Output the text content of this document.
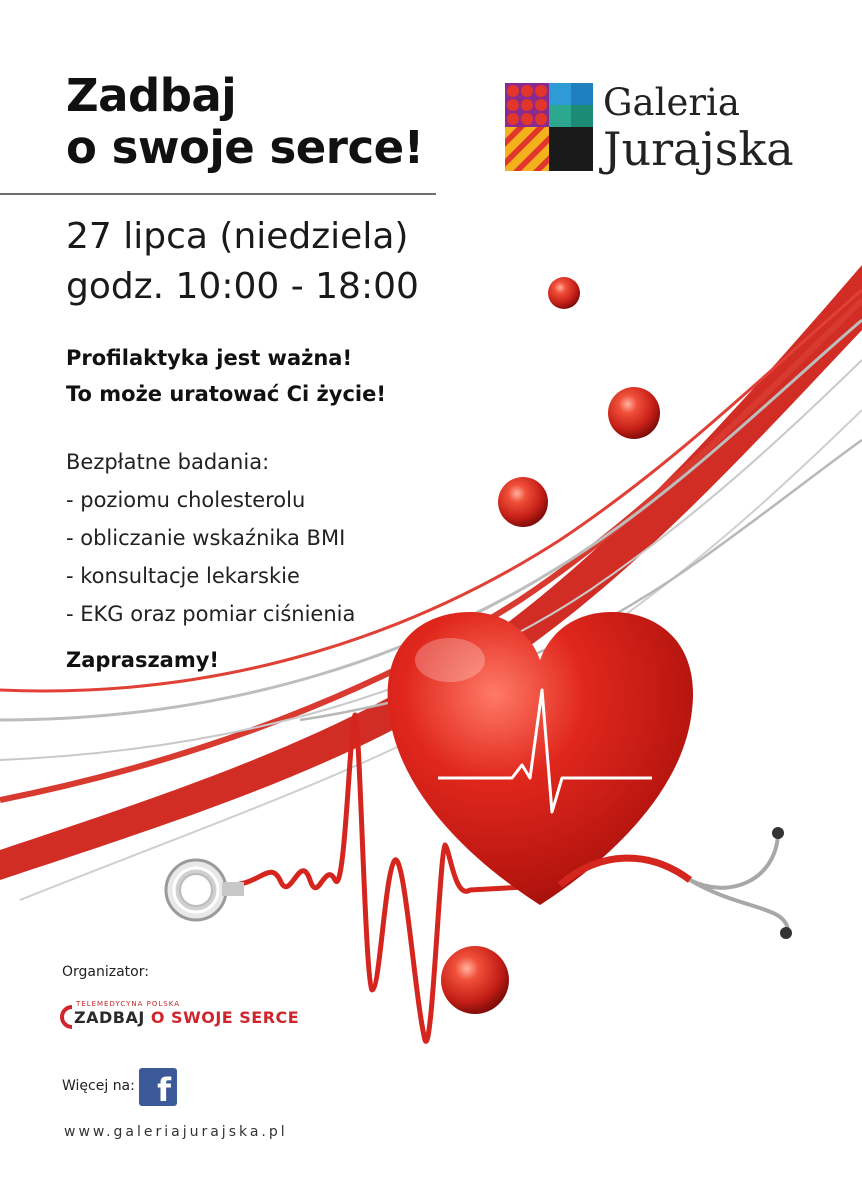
Zadbaj
o swoje serce!
27 lipca (niedziela)
godz. 10:00 - 18:00
Profilaktyka jest ważna!
To może uratować Ci życie!
Bezpłatne badania:
- poziomu cholesterolu
- obliczanie wskaźnika BMI
- konsultacje lekarskie
- EKG oraz pomiar ciśnienia
Zapraszamy!
Galeria
Jurajska
Organizator:
TELEMEDYCYNA POLSKA
ZADBAJ O SWOJE SERCE
Więcej na: f
www.galeriajurajska.pl
